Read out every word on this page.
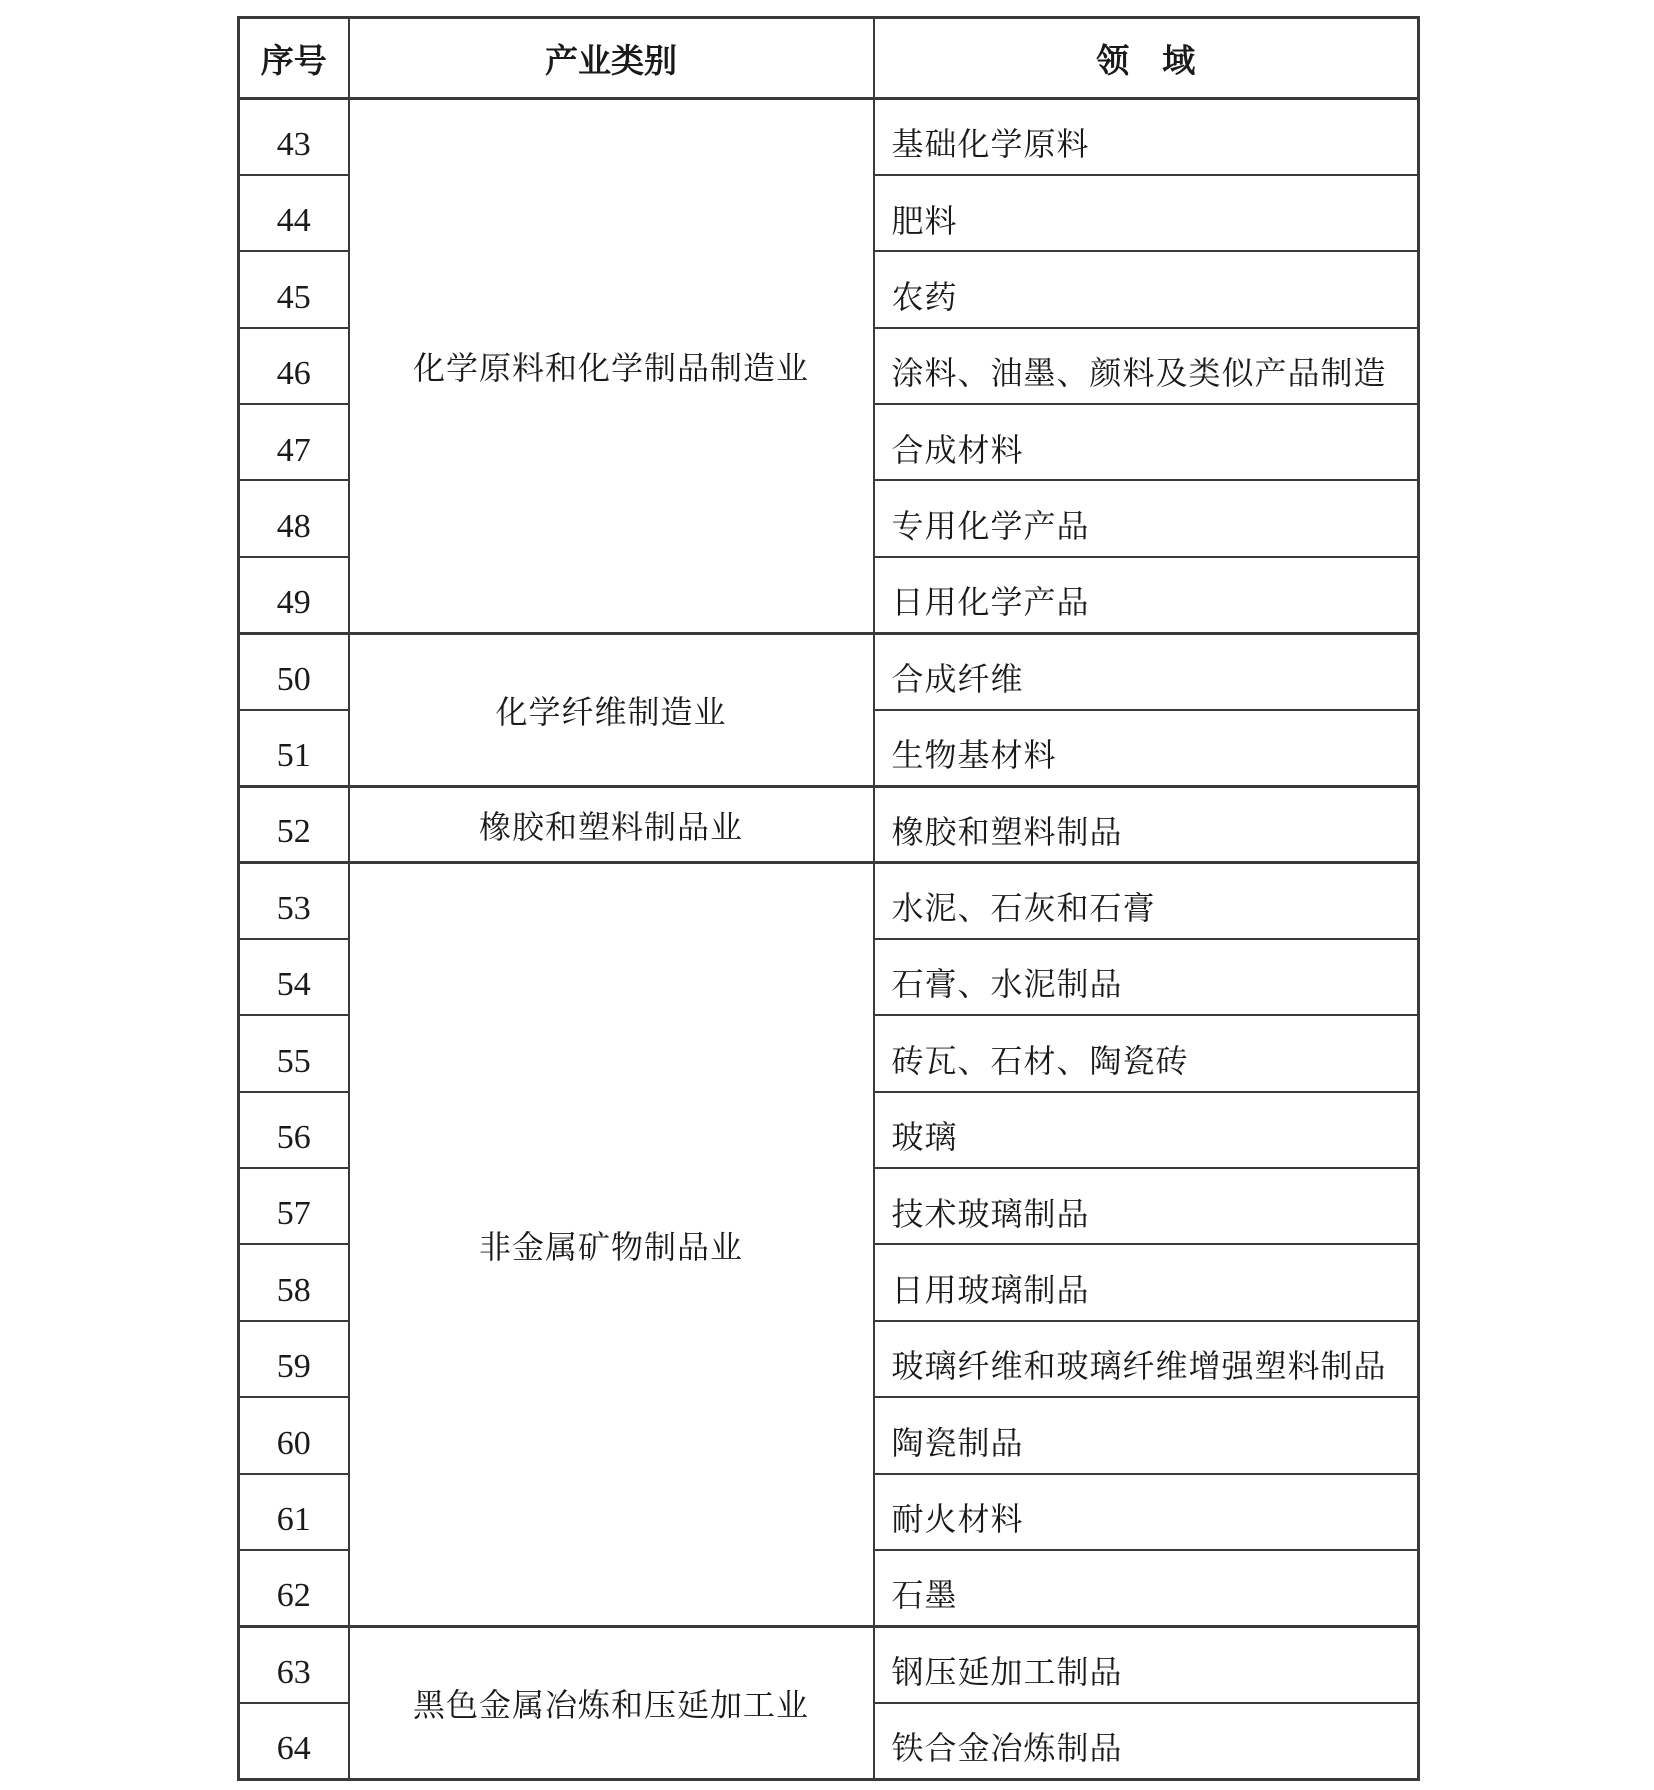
序号	产业类别	领　域
43	化学原料和化学制品制造业	基础化学原料
44		肥料
45		农药
46		涂料、油墨、颜料及类似产品制造
47		合成材料
48		专用化学产品
49		日用化学产品
50	化学纤维制造业	合成纤维
51		生物基材料
52	橡胶和塑料制品业	橡胶和塑料制品
53	非金属矿物制品业	水泥、石灰和石膏
54		石膏、水泥制品
55		砖瓦、石材、陶瓷砖
56		玻璃
57		技术玻璃制品
58		日用玻璃制品
59		玻璃纤维和玻璃纤维增强塑料制品
60		陶瓷制品
61		耐火材料
62		石墨
63	黑色金属冶炼和压延加工业	钢压延加工制品
64		铁合金冶炼制品
